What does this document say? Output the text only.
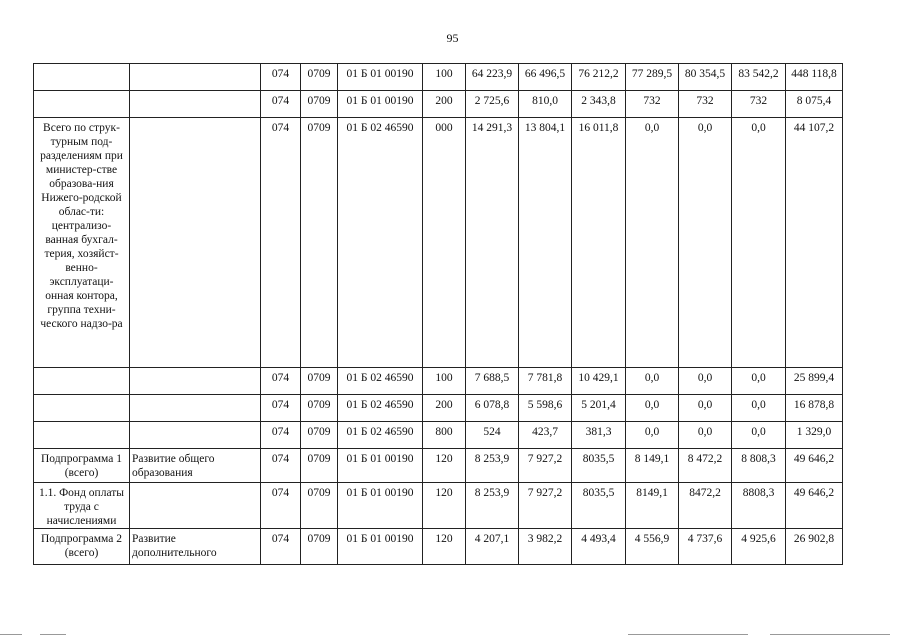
95
		074	0709	01 Б 01 00190	100	64 223,9	66 496,5	76 212,2	77 289,5	80 354,5	83 542,2	448 118,8
		074	0709	01 Б 01 00190	200	2 725,6	810,0	2 343,8	732	732	732	8 075,4
Всего по струк-турным под-разделениям при министер-стве образова-ния Нижего-родской облас-ти: централизо-ванная бухгал-терия, хозяйст-венно-эксплуатаци-онная контора, группа техни-ческого надзо-ра		074	0709	01 Б 02 46590	000	14 291,3	13 804,1	16 011,8	0,0	0,0	0,0	44 107,2
		074	0709	01 Б 02 46590	100	7 688,5	7 781,8	10 429,1	0,0	0,0	0,0	25 899,4
		074	0709	01 Б 02 46590	200	6 078,8	5 598,6	5 201,4	0,0	0,0	0,0	16 878,8
		074	0709	01 Б 02 46590	800	524	423,7	381,3	0,0	0,0	0,0	1 329,0
Подпрограмма 1 (всего)	Развитие общего образования	074	0709	01 Б 01 00190	120	8 253,9	7 927,2	8035,5	8 149,1	8 472,2	8 808,3	49 646,2
1.1. Фонд оплаты труда с начислениями		074	0709	01 Б 01 00190	120	8 253,9	7 927,2	8035,5	8149,1	8472,2	8808,3	49 646,2
Подпрограмма 2 (всего)	Развитие дополнительного	074	0709	01 Б 01 00190	120	4 207,1	3 982,2	4 493,4	4 556,9	4 737,6	4 925,6	26 902,8
